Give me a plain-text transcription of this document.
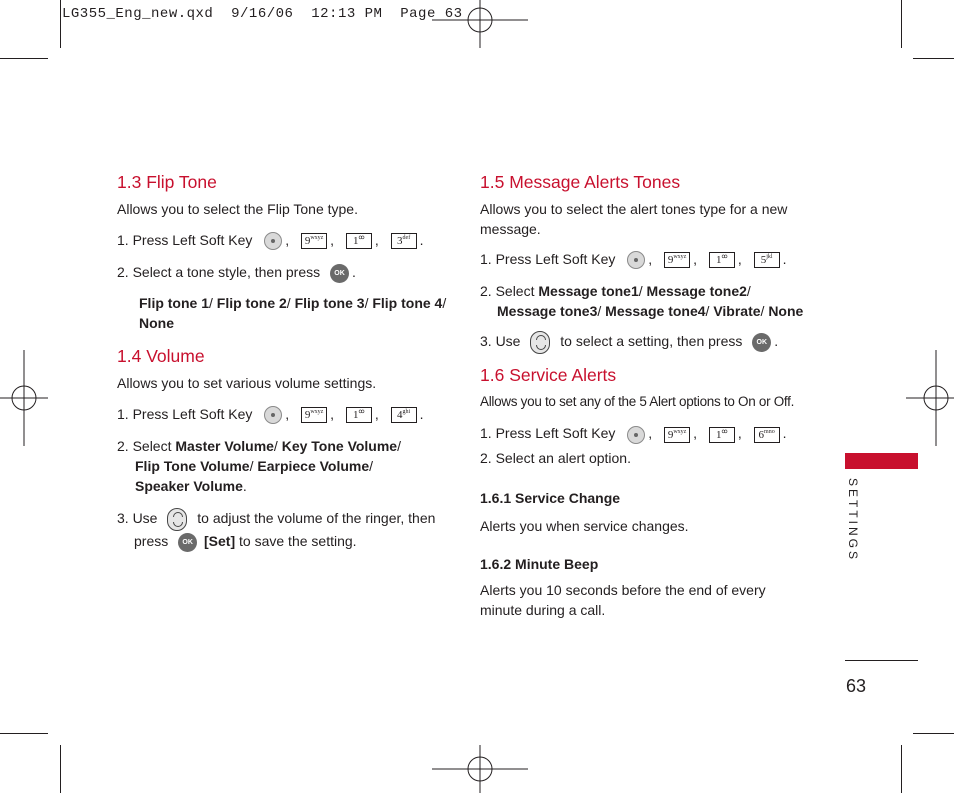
LG355_Eng_new.qxd  9/16/06  12:13 PM  Page 63
1.3 Flip Tone

Allows you to select the Flip Tone type.

1. Press Left Soft Key , $9^{wxyz}$ , $1^ꝏ$ , $3^{def}$ .

2. Select a tone style, then press OK .

Flip tone 1/ Flip tone 2/ Flip tone 3/ Flip tone 4/
None

1.4 Volume

Allows you to set various volume settings.

1. Press Left Soft Key , $9^{wxyz}$ , $1^ꝏ$ , $4^{ghi}$ .

2. Select Master Volume/ Key Tone Volume/
Flip Tone Volume/ Earpiece Volume/
Speaker Volume.

3. Use	to adjust the volume of the ringer, then
press OK [Set] to save the setting.

1.5 Message Alerts Tones

Allows you to select the alert tones type for a new
message.

1. Press Left Soft Key , $9^{wxyz}$ , $1^ꝏ$ , $5^{jkl}$ .

2. Select Message tone1/ Message tone2/
Message tone3/ Message tone4/ Vibrate/ None

3. Use	to select a setting, then press OK .

1.6 Service Alerts

Allows you to set any of the 5 Alert options to On or Off.

1. Press Left Soft Key , $9^{wxyz}$ , $1^ꝏ$ , $6^{mno}$ .

2. Select an alert option.

1.6.1 Service Change

Alerts you when service changes.

1.6.2 Minute Beep

Alerts you 10 seconds before the end of every
minute during a call.

SETTINGS
63
